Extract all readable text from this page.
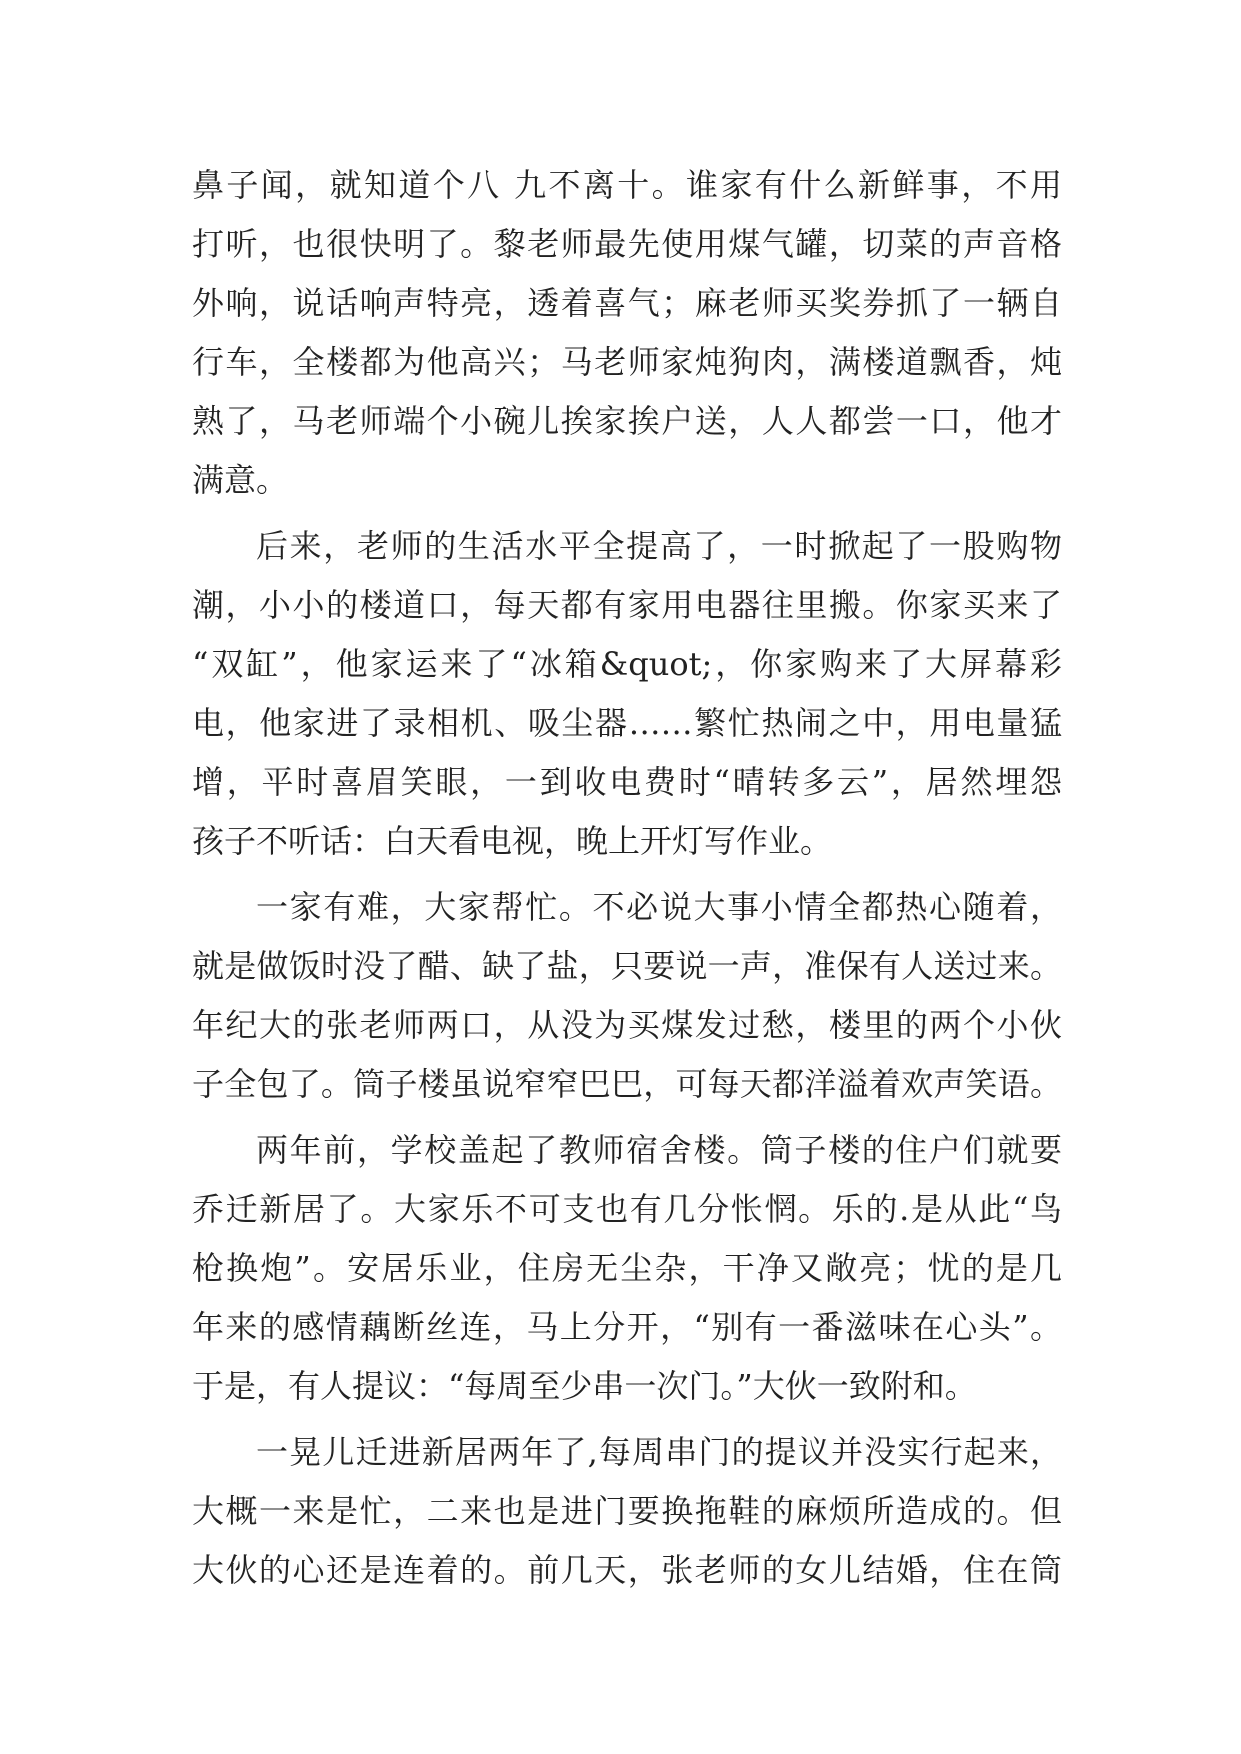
鼻子闻，就知道个八 九不离十。谁家有什么新鲜事，不用
打听，也很快明了。黎老师最先使用煤气罐，切菜的声音格
外响，说话响声特亮，透着喜气；麻老师买奖券抓了一辆自
行车，全楼都为他高兴；马老师家炖狗肉，满楼道飘香，炖
熟了，马老师端个小碗儿挨家挨户送，人人都尝一口，他才
满意。
后来，老师的生活水平全提高了，一时掀起了一股购物
潮，小小的楼道口，每天都有家用电器往里搬。你家买来了
“双缸”，他家运来了“冰箱&quot;，你家购来了大屏幕彩
电，他家进了录相机、吸尘器……繁忙热闹之中，用电量猛
增，平时喜眉笑眼，一到收电费时“晴转多云”，居然埋怨
孩子不听话：白天看电视，晚上开灯写作业。
一家有难，大家帮忙。不必说大事小情全都热心随着，
就是做饭时没了醋、缺了盐，只要说一声，准保有人送过来。
年纪大的张老师两口，从没为买煤发过愁，楼里的两个小伙
子全包了。筒子楼虽说窄窄巴巴，可每天都洋溢着欢声笑语。
两年前，学校盖起了教师宿舍楼。筒子楼的住户们就要
乔迁新居了。大家乐不可支也有几分怅惘。乐的.是从此“鸟
枪换炮”。安居乐业，住房无尘杂，干净又敞亮；忧的是几
年来的感情藕断丝连，马上分开，“别有一番滋味在心头”。
于是，有人提议：“每周至少串一次门。”大伙一致附和。
一晃儿迁进新居两年了,每周串门的提议并没实行起来，
大概一来是忙，二来也是进门要换拖鞋的麻烦所造成的。但
大伙的心还是连着的。前几天，张老师的女儿结婚，住在筒
